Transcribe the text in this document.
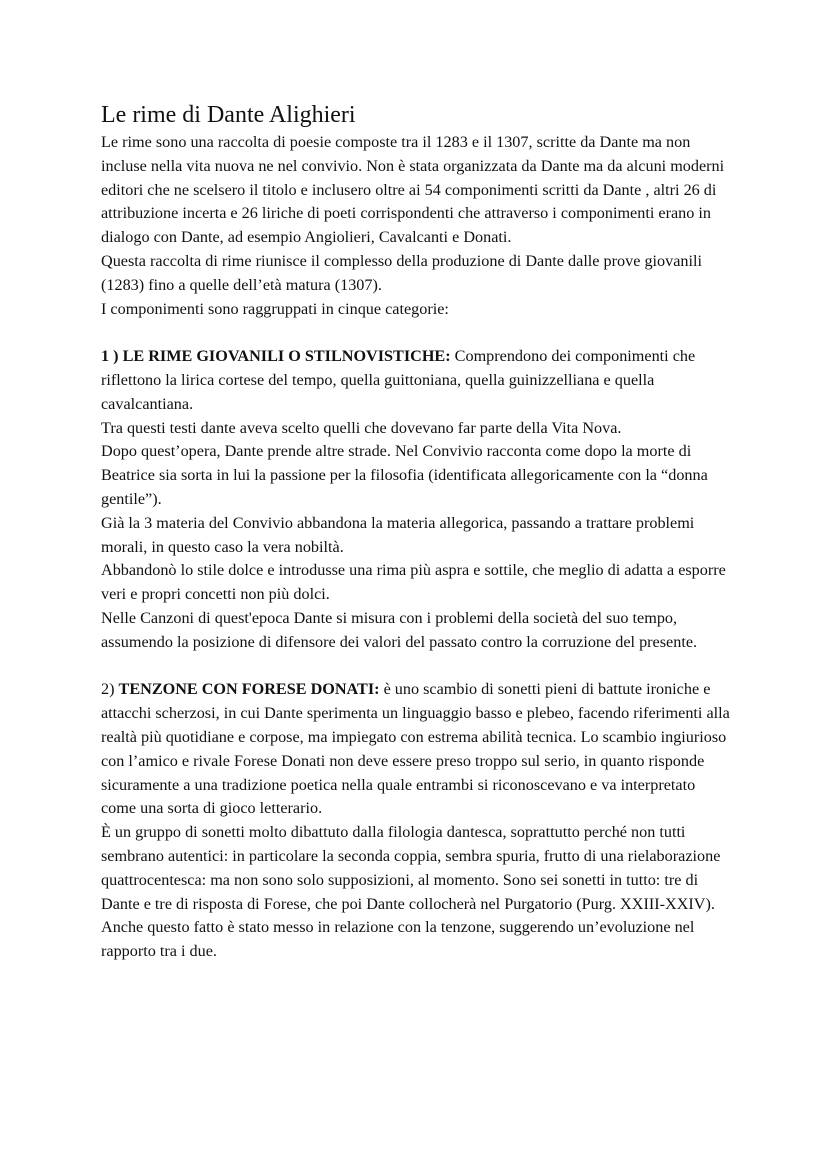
Le rime di Dante Alighieri

Le rime sono una raccolta di poesie composte tra il 1283 e il 1307, scritte da Dante ma non incluse nella vita nuova ne nel convivio. Non è stata organizzata da Dante ma da alcuni moderni editori che ne scelsero il titolo e inclusero oltre ai 54 componimenti scritti da Dante , altri 26 di attribuzione incerta e 26 liriche di poeti corrispondenti che attraverso i componimenti erano in dialogo con Dante, ad esempio Angiolieri, Cavalcanti e Donati.

Questa raccolta di rime riunisce il complesso della produzione di Dante dalle prove giovanili (1283) fino a quelle dell’età matura (1307).

I componimenti sono raggruppati in cinque categorie:

1 ) LE RIME GIOVANILI O STILNOVISTICHE: Comprendono dei componimenti che riflettono la lirica cortese del tempo, quella guittoniana, quella guinizzelliana e quella cavalcantiana.

Tra questi testi dante aveva scelto quelli che dovevano far parte della Vita Nova.

Dopo quest’opera, Dante prende altre strade. Nel Convivio racconta come dopo la morte di Beatrice sia sorta in lui la passione per la filosofia (identificata allegoricamente con la “donna gentile”).

Già la 3 materia del Convivio abbandona la materia allegorica, passando a trattare problemi morali, in questo caso la vera nobiltà.

Abbandonò lo stile dolce e introdusse una rima più aspra e sottile, che meglio di adatta a esporre veri e propri concetti non più dolci.

Nelle Canzoni di quest'epoca Dante si misura con i problemi della società del suo tempo, assumendo la posizione di difensore dei valori del passato contro la corruzione del presente.

2) TENZONE CON FORESE DONATI: è uno scambio di sonetti pieni di battute ironiche e attacchi scherzosi, in cui Dante sperimenta un linguaggio basso e plebeo, facendo riferimenti alla realtà più quotidiane e corpose, ma impiegato con estrema abilità tecnica. Lo scambio ingiurioso con l’amico e rivale Forese Donati non deve essere preso troppo sul serio, in quanto risponde sicuramente a una tradizione poetica nella quale entrambi si riconoscevano e va interpretato come una sorta di gioco letterario.

È un gruppo di sonetti molto dibattuto dalla filologia dantesca, soprattutto perché non tutti sembrano autentici: in particolare la seconda coppia, sembra spuria, frutto di una rielaborazione quattrocentesca: ma non sono solo supposizioni, al momento. Sono sei sonetti in tutto: tre di Dante e tre di risposta di Forese, che poi Dante collocherà nel Purgatorio (Purg. XXIII-XXIV). Anche questo fatto è stato messo in relazione con la tenzone, suggerendo un’evoluzione nel rapporto tra i due.
